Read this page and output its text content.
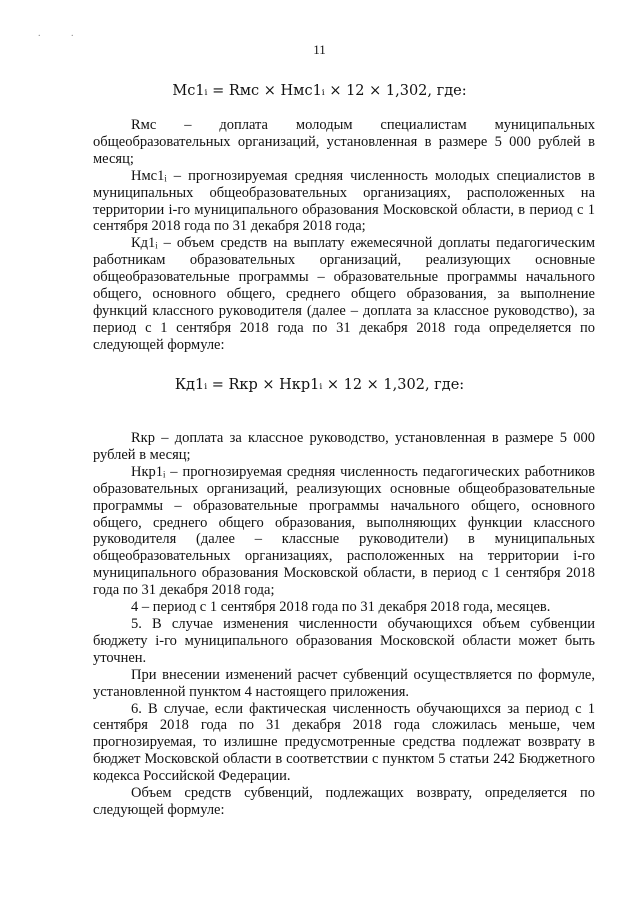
. .
11
Мс1ᵢ = Rмс × Нмс1ᵢ × 12 × 1,302, где:

Rмс – доплата молодым специалистам муниципальных общеобразовательных организаций, установленная в размере 5 000 рублей в месяц;

Нмс1ᵢ – прогнозируемая средняя численность молодых специалистов в муниципальных общеобразовательных организациях, расположенных на территории i-го муниципального образования Московской области, в период с 1 сентября 2018 года по 31 декабря 2018 года;

Кд1ᵢ – объем средств на выплату ежемесячной доплаты педагогическим работникам образовательных организаций, реализующих основные общеобразовательные программы – образовательные программы начального общего, основного общего, среднего общего образования, за выполнение функций классного руководителя (далее – доплата за классное руководство), за период с 1 сентября 2018 года по 31 декабря 2018 года определяется по следующей формуле:

Кд1ᵢ = Rкр × Нкр1ᵢ × 12 × 1,302, где:

Rкр – доплата за классное руководство, установленная в размере 5 000 рублей в месяц;

Нкр1ᵢ – прогнозируемая средняя численность педагогических работников образовательных организаций, реализующих основные общеобразовательные программы – образовательные программы начального общего, основного общего, среднего общего образования, выполняющих функции классного руководителя (далее – классные руководители) в муниципальных общеобразовательных организациях, расположенных на территории i-го муниципального образования Московской области, в период с 1 сентября 2018 года по 31 декабря 2018 года;

4 – период с 1 сентября 2018 года по 31 декабря 2018 года, месяцев.

5. В случае изменения численности обучающихся объем субвенции бюджету i-го муниципального образования Московской области может быть уточнен.

При внесении изменений расчет субвенций осуществляется по формуле, установленной пунктом 4 настоящего приложения.

6. В случае, если фактическая численность обучающихся за период с 1 сентября 2018 года по 31 декабря 2018 года сложилась меньше, чем прогнозируемая, то излишне предусмотренные средства подлежат возврату в бюджет Московской области в соответствии с пунктом 5 статьи 242 Бюджетного кодекса Российской Федерации.

Объем средств субвенций, подлежащих возврату, определяется по следующей формуле:
